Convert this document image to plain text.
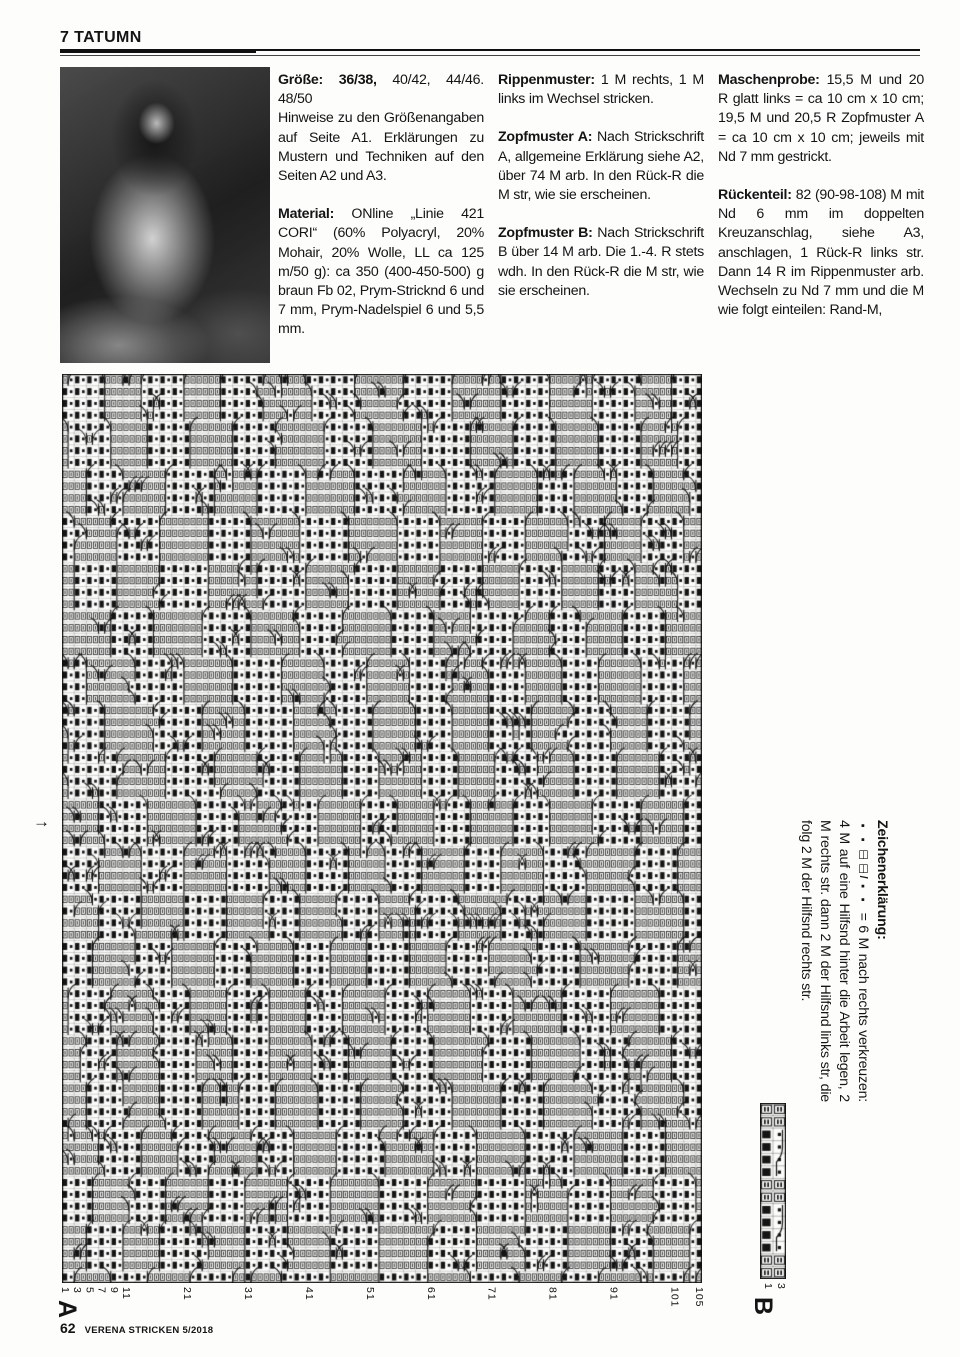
7 TATUMN

Größe: 36/38, 40/42, 44/46. 48/50

Hinweise zu den Größenangaben auf Seite A1. Erklärungen zu Mustern und Techniken auf den Seiten A2 und A3.

Material: ONline „Linie 421 CORI“ (60% Polyacryl, 20% Mohair, 20% Wolle, LL ca 125 m/50 g): ca 350 (400-450-500) g braun Fb 02, Prym-Stricknd 6 und 7 mm, Prym-Nadelspiel 6 und 5,5 mm.

Rippenmuster: 1 M rechts, 1 M links im Wechsel stricken.

Zopfmuster A: Nach Strickschrift A, allgemeine Erklärung siehe A2, über 74 M arb. In den Rück-R die M str, wie sie erscheinen.

Zopfmuster B: Nach Strickschrift B über 14 M arb. Die 1.-4. R stets wdh. In den Rück-R die M str, wie sie erscheinen.

Maschenprobe: 15,5 M und 20 R glatt links = ca 10 cm x 10 cm; 19,5 M und 20,5 R Zopfmuster A = ca 10 cm x 10 cm; jeweils mit Nd 7 mm gestrickt.

Rückenteil: 82 (90-98-108) M mit Nd 6 mm im doppelten Kreuzanschlag, siehe A3, anschlagen, 1 Rück-R links str. Dann 14 R im Rippenmuster arb. Wechseln zu Nd 7 mm und die M wie folgt einteilen: Rand-M,

→
1 3 5 7 9 11	21	31	41	51	61	71	81	91	101 105
A

Zeichenerklärung:

▪▪◫◫/▪▪ = 6 M nach rechts verkreuzen: 4 M auf eine Hilfsnd hinter die Arbeit legen, 2 M rechts str. dann 2 M der Hilfsnd links str, die folg 2 M der Hilfsnd rechts str.

1 3
B
62 VERENA STRICKEN 5/2018
